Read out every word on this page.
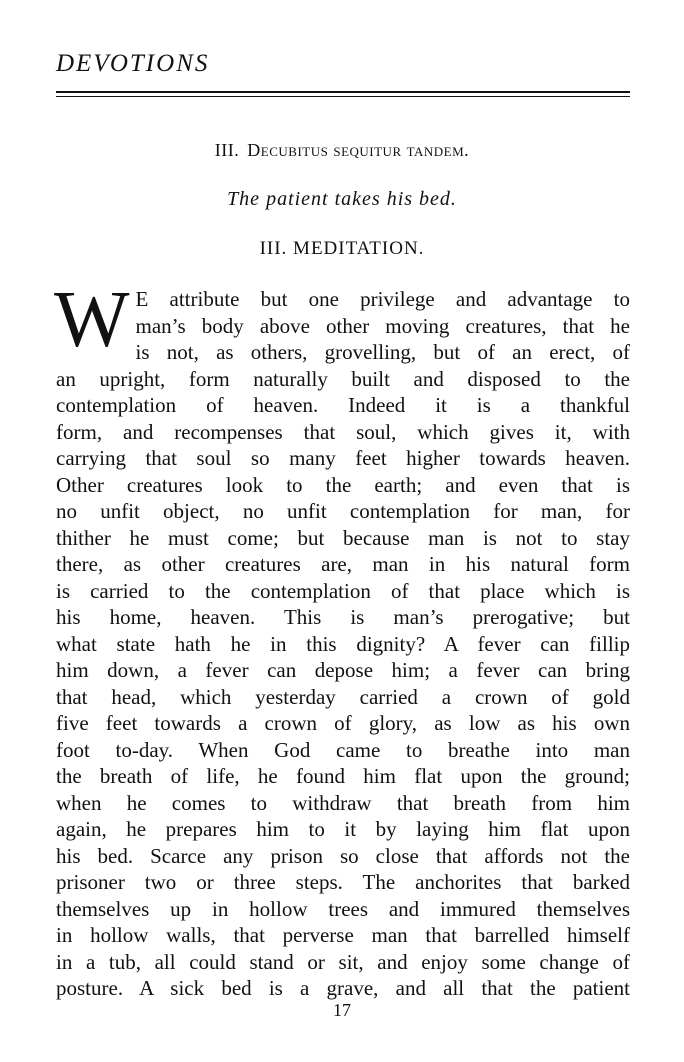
DEVOTIONS
III. Decubitus sequitur tandem.
The patient takes his bed.
III. MEDITATION.
W E attribute but one privilege and advantage to
man’s body above other moving creatures, that he
is not, as others, grovelling, but of an erect, of
an upright, form naturally built and disposed to the
contemplation of heaven. Indeed it is a thankful
form, and recompenses that soul, which gives it, with
carrying that soul so many feet higher towards heaven.
Other creatures look to the earth; and even that is
no unfit object, no unfit contemplation for man, for
thither he must come; but because man is not to stay
there, as other creatures are, man in his natural form
is carried to the contemplation of that place which is
his home, heaven. This is man’s prerogative; but
what state hath he in this dignity? A fever can fillip
him down, a fever can depose him; a fever can bring
that head, which yesterday carried a crown of gold
five feet towards a crown of glory, as low as his own
foot to-day. When God came to breathe into man
the breath of life, he found him flat upon the ground;
when he comes to withdraw that breath from him
again, he prepares him to it by laying him flat upon
his bed. Scarce any prison so close that affords not the
prisoner two or three steps. The anchorites that barked
themselves up in hollow trees and immured themselves
in hollow walls, that perverse man that barrelled himself
in a tub, all could stand or sit, and enjoy some change of
posture. A sick bed is a grave, and all that the patient
17
